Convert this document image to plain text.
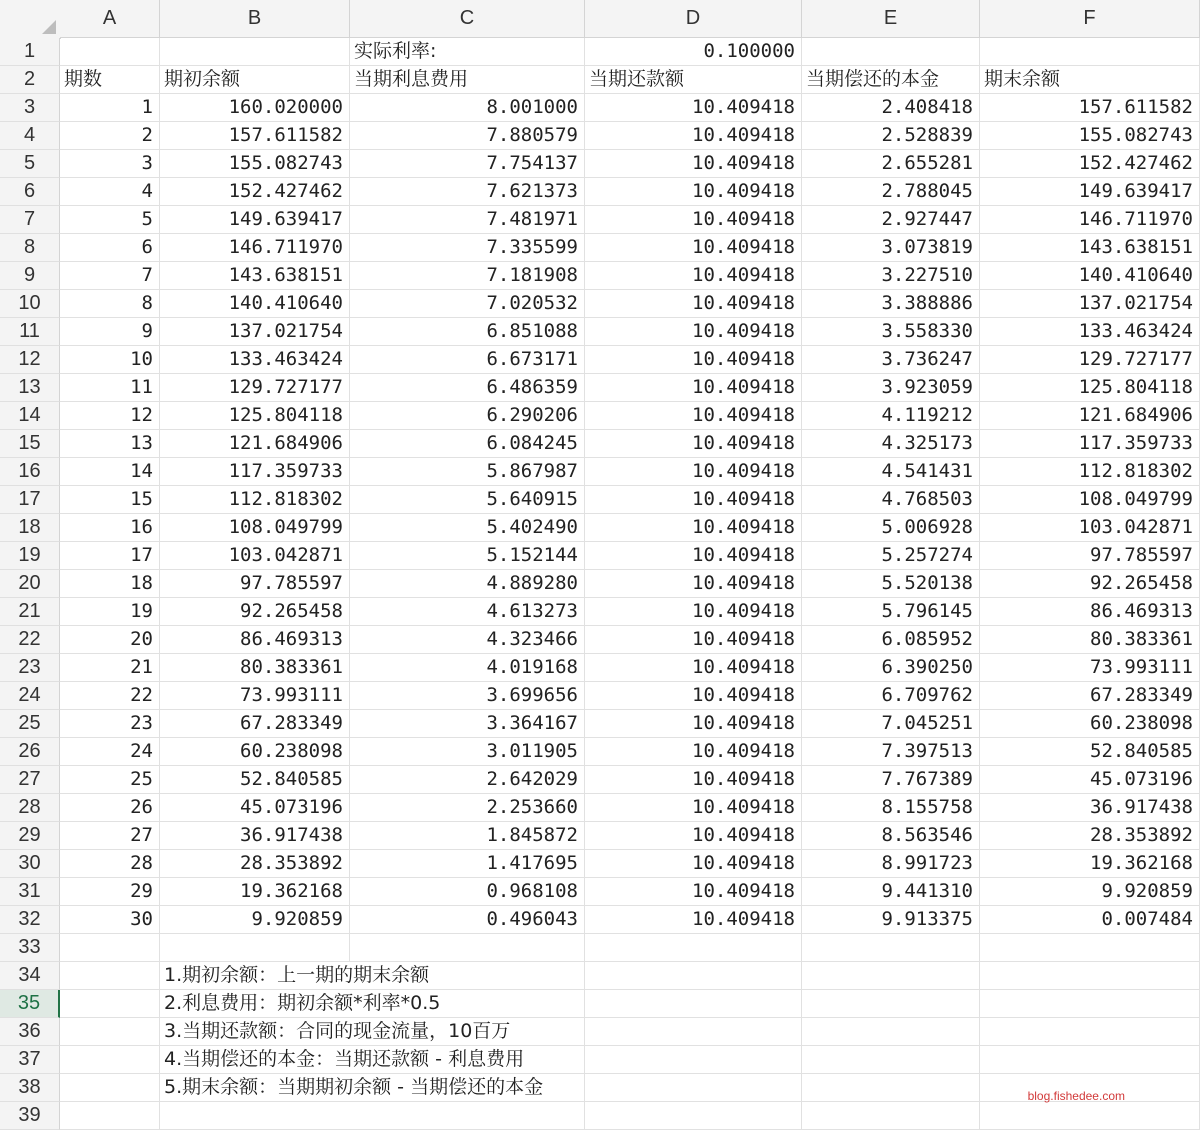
A	B	C	D	E	F
1
2
3
4
5
6
7
8
9
10
11
12
13
14
15
16
17
18
19
20
21
22
23
24
25
26
27
28
29
30
31
32
33
34
35
36
37
38
39
实际利率:	0.100000
期数	期初余额	当期利息费用	当期还款额	当期偿还的本金	期末余额
1	160.020000	8.001000	10.409418	2.408418	157.611582
2	157.611582	7.880579	10.409418	2.528839	155.082743
3	155.082743	7.754137	10.409418	2.655281	152.427462
4	152.427462	7.621373	10.409418	2.788045	149.639417
5	149.639417	7.481971	10.409418	2.927447	146.711970
6	146.711970	7.335599	10.409418	3.073819	143.638151
7	143.638151	7.181908	10.409418	3.227510	140.410640
8	140.410640	7.020532	10.409418	3.388886	137.021754
9	137.021754	6.851088	10.409418	3.558330	133.463424
10	133.463424	6.673171	10.409418	3.736247	129.727177
11	129.727177	6.486359	10.409418	3.923059	125.804118
12	125.804118	6.290206	10.409418	4.119212	121.684906
13	121.684906	6.084245	10.409418	4.325173	117.359733
14	117.359733	5.867987	10.409418	4.541431	112.818302
15	112.818302	5.640915	10.409418	4.768503	108.049799
16	108.049799	5.402490	10.409418	5.006928	103.042871
17	103.042871	5.152144	10.409418	5.257274	97.785597
18	97.785597	4.889280	10.409418	5.520138	92.265458
19	92.265458	4.613273	10.409418	5.796145	86.469313
20	86.469313	4.323466	10.409418	6.085952	80.383361
21	80.383361	4.019168	10.409418	6.390250	73.993111
22	73.993111	3.699656	10.409418	6.709762	67.283349
23	67.283349	3.364167	10.409418	7.045251	60.238098
24	60.238098	3.011905	10.409418	7.397513	52.840585
25	52.840585	2.642029	10.409418	7.767389	45.073196
26	45.073196	2.253660	10.409418	8.155758	36.917438
27	36.917438	1.845872	10.409418	8.563546	28.353892
28	28.353892	1.417695	10.409418	8.991723	19.362168
29	19.362168	0.968108	10.409418	9.441310	9.920859
30	9.920859	0.496043	10.409418	9.913375	0.007484
1.期初余额：上一期的期末余额
2.利息费用：期初余额*利率*0.5
3.当期还款额：合同的现金流量，10百万
4.当期偿还的本金：当期还款额 - 利息费用
5.期末余额：当期期初余额 - 当期偿还的本金	blog.fishedee.com
